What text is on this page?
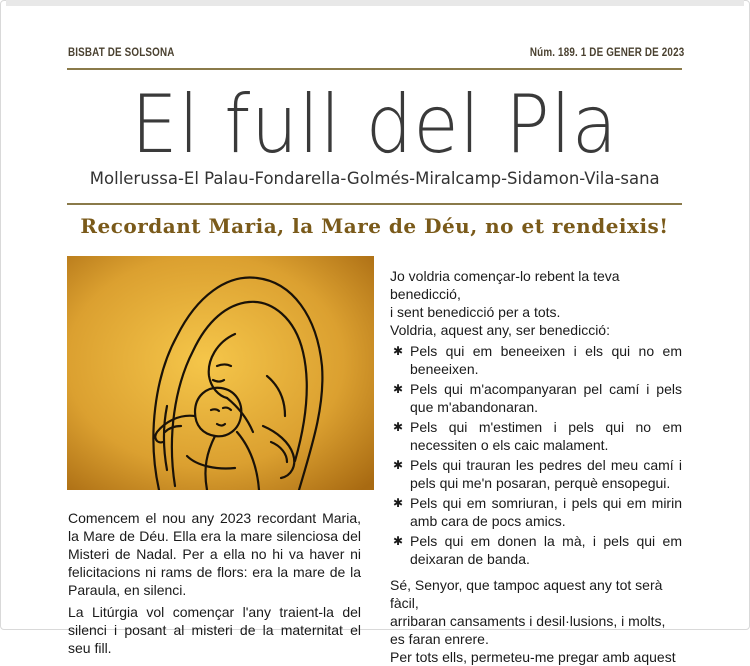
BISBAT DE SOLSONA	Núm. 189. 1 DE GENER DE 2023
El full del Pla
Mollerussa-El Palau-Fondarella-Golmés-Miralcamp-Sidamon-Vila-sana
Recordant Maria, la Mare de Déu, no et rendeixis!

Comencem el nou any 2023 recordant Maria, la Mare de Déu. Ella era la mare silenciosa del Misteri de Nadal. Per a ella no hi va haver ni felicitacions ni rams de flors: era la mare de la Paraula, en silenci.

La Litúrgia vol començar l'any traient-la del silenci i posant al misteri de la maternitat el seu fill.

Jo voldria començar-lo rebent la teva benedicció,

i sent benedicció per a tots.

Voldria, aquest any, ser benedicció:

✱ Pels qui em beneeixen i els qui no em beneeixen.
✱ Pels qui m'acompanyaran pel camí i pels que m'abandonaran.
✱ Pels qui m'estimen i pels qui no em necessiten o els caic malament.
✱ Pels qui trauran les pedres del meu camí i pels qui me'n posaran, perquè ensopegui.
✱ Pels qui em somriuran, i pels qui em mirin amb cara de pocs amics.
✱ Pels qui em donen la mà, i pels qui em deixaran de banda.

Sé, Senyor, que tampoc aquest any tot serà fàcil,

arribaran cansaments i desil·lusions, i molts,

es faran enrere.

Per tots ells, permeteu-me pregar amb aquest
